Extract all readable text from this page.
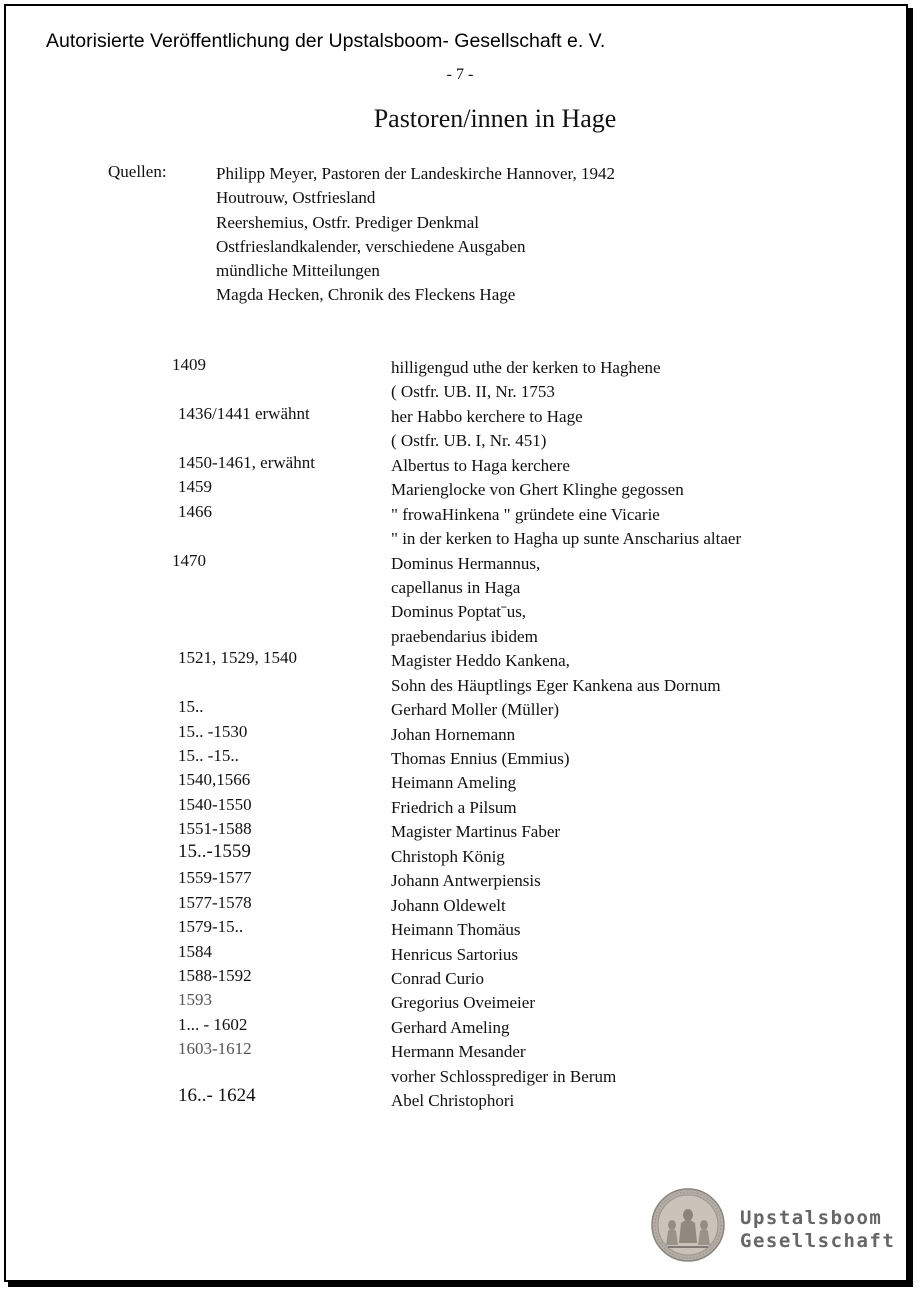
Autorisierte Veröffentlichung der Upstalsboom- Gesellschaft e. V.
- 7 -
Pastoren/innen in Hage
Quellen:	Philipp Meyer, Pastoren der Landeskirche Hannover, 1942
Houtrouw, Ostfriesland
Reershemius, Ostfr. Prediger Denkmal
Ostfrieslandkalender, verschiedene Ausgaben
mündliche Mitteilungen
Magda Hecken, Chronik des Fleckens Hage
1409	hilligengud uthe der kerken to Haghene
( Ostfr. UB. II, Nr. 1753
1436/1441 erwähnt	her Habbo kerchere to Hage
( Ostfr. UB. I, Nr. 451)
1450-1461, erwähnt	Albertus to Haga kerchere
1459	Marienglocke von Ghert Klinghe gegossen
1466	" frowaHinkena " gründete eine Vicarie
" in der kerken to Hagha up sunte Anscharius altaer
1470	Dominus Hermannus,
capellanus in Haga
Dominus Poptatˉus,
praebendarius ibidem
1521, 1529, 1540	Magister Heddo Kankena,
Sohn des Häuptlings Eger Kankena aus Dornum
15..	Gerhard Moller (Müller)
15.. -1530	Johan Hornemann
15.. -15..	Thomas Ennius (Emmius)
1540,1566	Heimann Ameling
1540-1550	Friedrich a Pilsum
1551-1588	Magister Martinus Faber
15..-1559	Christoph König
1559-1577	Johann Antwerpiensis
1577-1578	Johann Oldewelt
1579-15..	Heimann Thomäus
1584	Henricus Sartorius
1588-1592	Conrad Curio
1593	Gregorius Oveimeier
1... - 1602	Gerhard Ameling
1603-1612	Hermann Mesander
vorher Schlossprediger in Berum
16..- 1624	Abel Christophori
Upstalsboom
Gesellschaft
